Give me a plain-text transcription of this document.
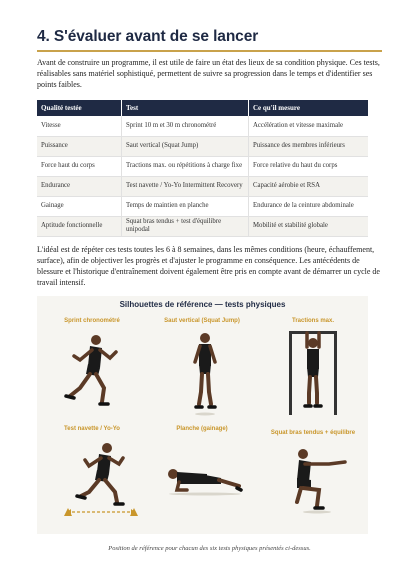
4. S'évaluer avant de se lancer
Avant de construire un programme, il est utile de faire un état des lieux de sa condition physique. Ces tests, réalisables sans matériel sophistiqué, permettent de suivre sa progression dans le temps et d'identifier ses points faibles.
Qualité testée	Test	Ce qu'il mesure
Vitesse	Sprint 10 m et 30 m chronométré	Accélération et vitesse maximale
Puissance	Saut vertical (Squat Jump)	Puissance des membres inférieurs
Force haut du corps	Tractions max. ou répétitions à charge fixe	Force relative du haut du corps
Endurance	Test navette / Yo-Yo Intermittent Recovery	Capacité aérobie et RSA
Gainage	Temps de maintien en planche	Endurance de la ceinture abdominale
Aptitude fonctionnelle	Squat bras tendus + test d'équilibre unipodal	Mobilité et stabilité globale
L'idéal est de répéter ces tests toutes les 6 à 8 semaines, dans les mêmes conditions (heure, échauffement, surface), afin de objectiver les progrès et d'ajuster le programme en conséquence. Les antécédents de blessure et l'historique d'entraînement doivent également être pris en compte avant de démarrer un cycle de travail intensif.
Silhouettes de référence — tests physiques
Sprint chronométré	Saut vertical (Squat Jump)	Tractions max.
Test navette / Yo-Yo	Planche (gainage)
Squat bras tendus + équilibre
Position de référence pour chacun des six tests physiques présentés ci-dessus.
